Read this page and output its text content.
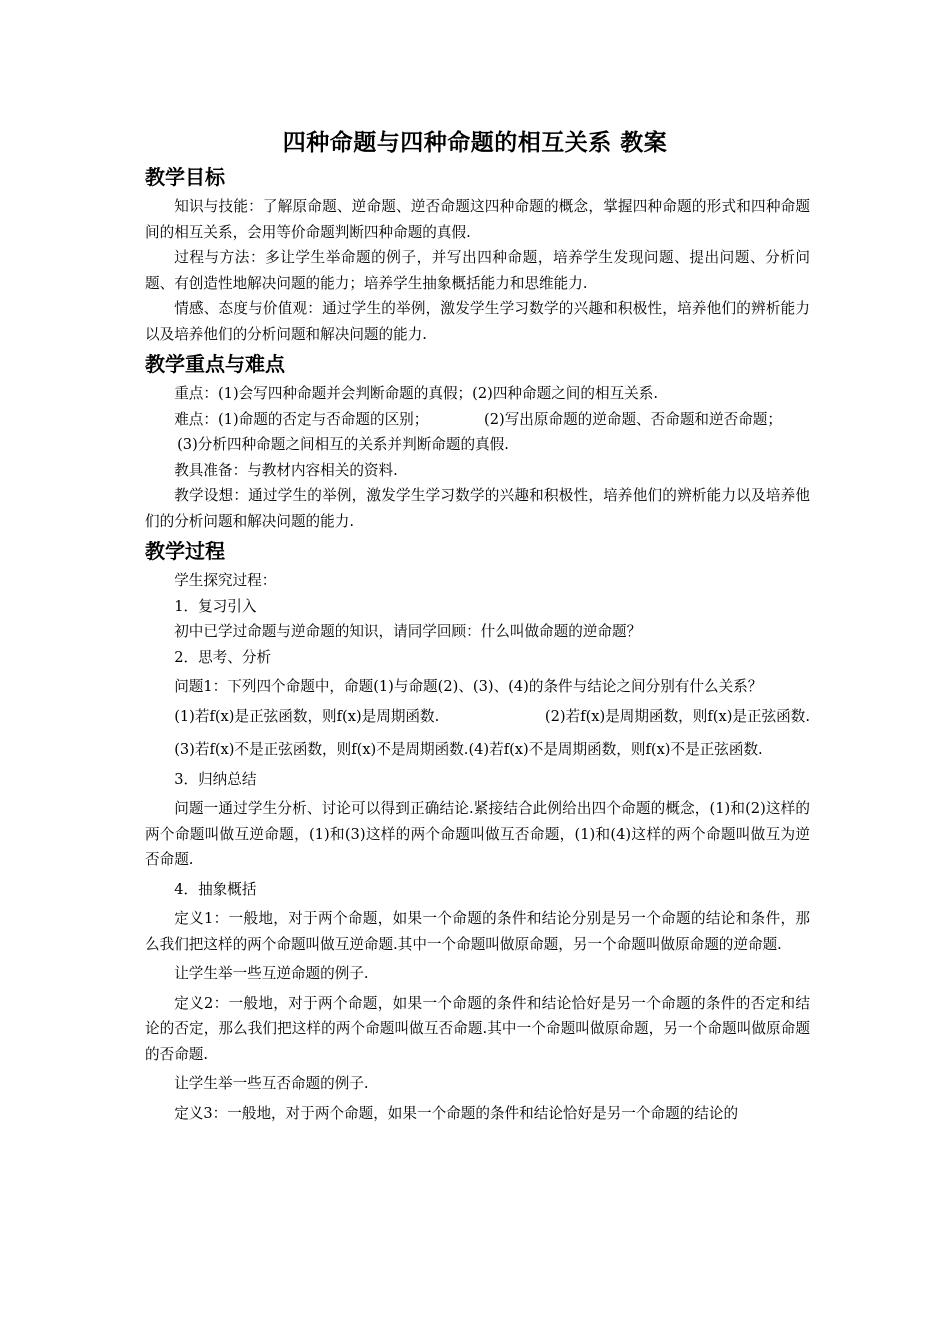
四种命题与四种命题的相互关系 教案
教学目标

知识与技能：了解原命题、逆命题、逆否命题这四种命题的概念，掌握四种命题的形式和四种命题间的相互关系，会用等价命题判断四种命题的真假.

过程与方法：多让学生举命题的例子，并写出四种命题，培养学生发现问题、提出问题、分析问题、有创造性地解决问题的能力；培养学生抽象概括能力和思维能力.

情感、态度与价值观：通过学生的举例，激发学生学习数学的兴趣和积极性，培养他们的辨析能力以及培养他们的分析问题和解决问题的能力.

教学重点与难点

重点：(1)会写四种命题并会判断命题的真假；(2)四种命题之间的相互关系.

难点：(1)命题的否定与否命题的区别；            (2)写出原命题的逆命题、否命题和逆否命题；

(3)分析四种命题之间相互的关系并判断命题的真假.

教具准备：与教材内容相关的资料.

教学设想：通过学生的举例，激发学生学习数学的兴趣和积极性，培养他们的辨析能力以及培养他们的分析问题和解决问题的能力.

教学过程

学生探究过程：

1．复习引入

初中已学过命题与逆命题的知识，请同学回顾：什么叫做命题的逆命题？

2．思考、分析

问题1：下列四个命题中，命题(1)与命题(2)、(3)、(4)的条件与结论之间分别有什么关系？

(1)若f(x)是正弦函数，则f(x)是周期函数.	(2)若f(x)是周期函数，则f(x)是正弦函数.

(3)若f(x)不是正弦函数，则f(x)不是周期函数.(4)若f(x)不是周期函数，则f(x)不是正弦函数.

3．归纳总结

问题一通过学生分析、讨论可以得到正确结论.紧接结合此例给出四个命题的概念，(1)和(2)这样的两个命题叫做互逆命题，(1)和(3)这样的两个命题叫做互否命题，(1)和(4)这样的两个命题叫做互为逆否命题.

4．抽象概括

定义1：一般地，对于两个命题，如果一个命题的条件和结论分别是另一个命题的结论和条件，那么我们把这样的两个命题叫做互逆命题.其中一个命题叫做原命题，另一个命题叫做原命题的逆命题.

让学生举一些互逆命题的例子.

定义2：一般地，对于两个命题，如果一个命题的条件和结论恰好是另一个命题的条件的否定和结论的否定，那么我们把这样的两个命题叫做互否命题.其中一个命题叫做原命题，另一个命题叫做原命题的否命题.

让学生举一些互否命题的例子.

定义3：一般地，对于两个命题，如果一个命题的条件和结论恰好是另一个命题的结论的
